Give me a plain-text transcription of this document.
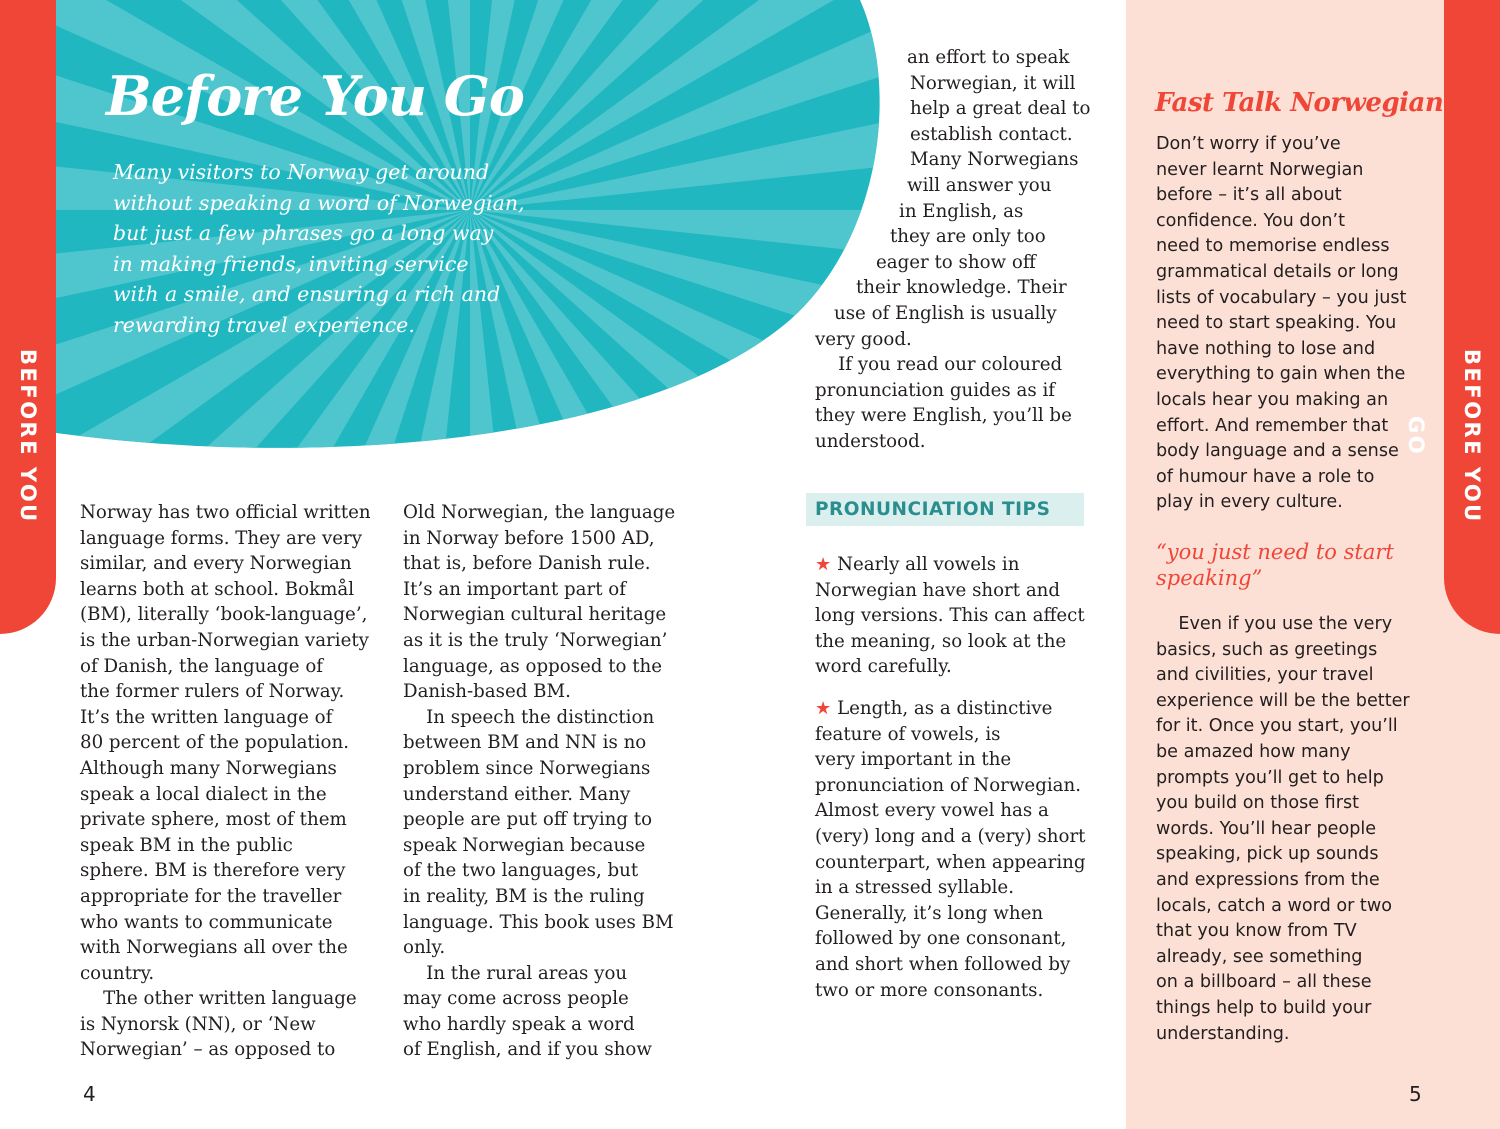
BEFORE YOU	BEFORE YOU GO
Before You Go

Many visitors to Norway get around

without speaking a word of Norwegian,

but just a few phrases go a long way

in making friends, inviting service

with a smile, and ensuring a rich and

rewarding travel experience.

Norway has two official written

language forms. They are very

similar, and every Norwegian

learns both at school. Bokmål

(BM), literally ‘book-language’,

is the urban-Norwegian variety

of Danish, the language of

the former rulers of Norway.

It’s the written language of

80 percent of the population.

Although many Norwegians

speak a local dialect in the

private sphere, most of them

speak BM in the public

sphere. BM is therefore very

appropriate for the traveller

who wants to communicate

with Norwegians all over the

country.

The other written language

is Nynorsk (NN), or ‘New

Norwegian’ – as opposed to

Old Norwegian, the language

in Norway before 1500 AD,

that is, before Danish rule.

It’s an important part of

Norwegian cultural heritage

as it is the truly ‘Norwegian’

language, as opposed to the

Danish-based BM.

In speech the distinction

between BM and NN is no

problem since Norwegians

understand either. Many

people are put off trying to

speak Norwegian because

of the two languages, but

in reality, BM is the ruling

language. This book uses BM

only.

In the rural areas you

may come across people

who hardly speak a word

of English, and if you show

an effort to speak

Norwegian, it will

help a great deal to

establish contact.

Many Norwegians

will answer you

in English, as

they are only too

eager to show off

their knowledge. Their

use of English is usually

very good.

If you read our coloured

pronunciation guides as if

they were English, you’ll be

understood.

PRONUNCIATION TIPS

★ Nearly all vowels in

Norwegian have short and

long versions. This can affect

the meaning, so look at the

word carefully.

★ Length, as a distinctive

feature of vowels, is

very important in the

pronunciation of Norwegian.

Almost every vowel has a

(very) long and a (very) short

counterpart, when appearing

in a stressed syllable.

Generally, it’s long when

followed by one consonant,

and short when followed by

two or more consonants.

Fast Talk Norwegian

Don’t worry if you’ve

never learnt Norwegian

before – it’s all about

confidence. You don’t

need to memorise endless

grammatical details or long

lists of vocabulary – you just

need to start speaking. You

have nothing to lose and

everything to gain when the

locals hear you making an

effort. And remember that

body language and a sense

of humour have a role to

play in every culture.

“you just need to start

speaking”

Even if you use the very

basics, such as greetings

and civilities, your travel

experience will be the better

for it. Once you start, you’ll

be amazed how many

prompts you’ll get to help

you build on those first

words. You’ll hear people

speaking, pick up sounds

and expressions from the

locals, catch a word or two

that you know from TV

already, see something

on a billboard – all these

things help to build your

understanding.

4	5
